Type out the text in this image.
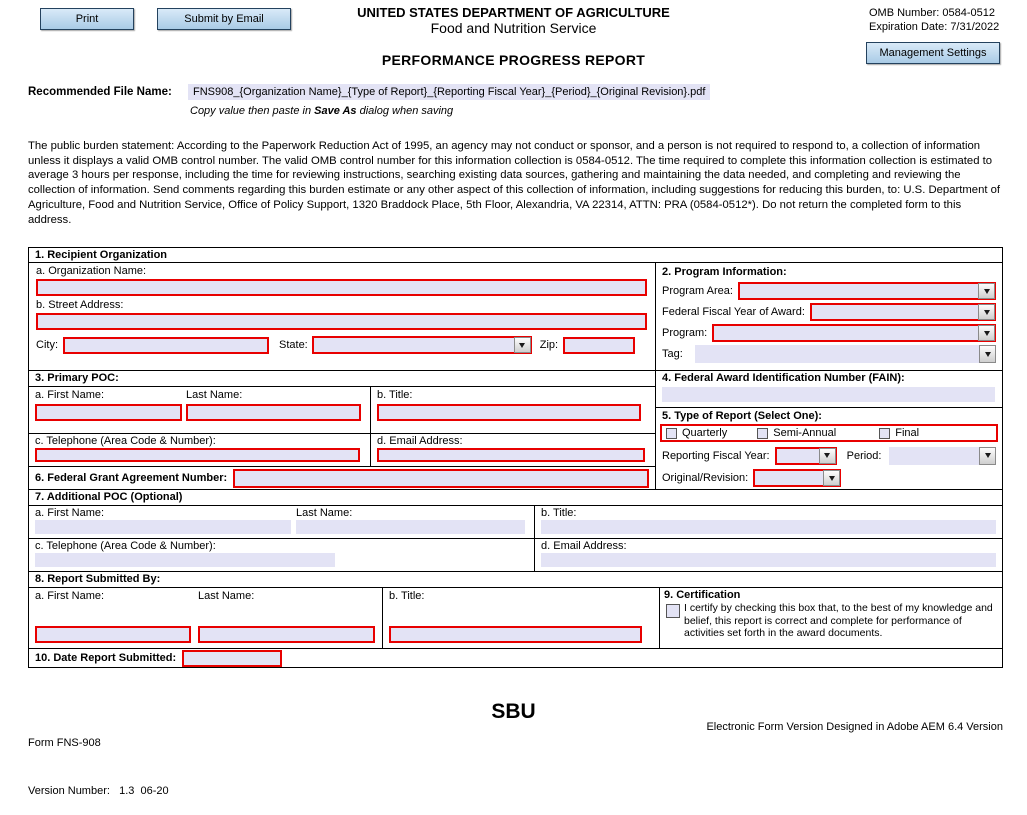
Print	Submit by Email
Management Settings
UNITED STATES DEPARTMENT OF AGRICULTURE
Food and Nutrition Service
OMB Number: 0584-0512
Expiration Date: 7/31/2022
PERFORMANCE PROGRESS REPORT
Recommended File Name:	FNS908_{Organization Name}_{Type of Report}_{Reporting Fiscal Year}_{Period}_{Original Revision}.pdf
Copy value then paste in Save As dialog when saving
The public burden statement: According to the Paperwork Reduction Act of 1995, an agency may not conduct or sponsor, and a person is not required to respond to, a collection of information unless it displays a valid OMB control number. The valid OMB control number for this information collection is 0584-0512. The time required to complete this information collection is estimated to average 3 hours per response, including the time for reviewing instructions, searching existing data sources, gathering and maintaining the data needed, and completing and reviewing the collection of information. Send comments regarding this burden estimate or any other aspect of this collection of information, including suggestions for reducing this burden, to: U.S. Department of Agriculture, Food and Nutrition Service, Office of Policy Support, 1320 Braddock Place, 5th Floor, Alexandria, VA 22314, ATTN: PRA (0584-0512*). Do not return the completed form to this address.
1. Recipient Organization
a. Organization Name:
b. Street Address:
City:	State:	Zip:
2. Program Information:
Program Area:
Federal Fiscal Year of Award:
Program:
Tag:
3. Primary POC:
a. First Name:	Last Name:	b. Title:
c. Telephone (Area Code & Number):	d. Email Address:
6. Federal Grant Agreement Number:
4. Federal Award Identification Number (FAIN):
5. Type of Report (Select One):
Quarterly	Semi-Annual	Final
Reporting Fiscal Year:	Period:
Original/Revision:
7. Additional POC (Optional)
a. First Name:	Last Name:	b. Title:
c. Telephone (Area Code & Number):	d. Email Address:
8. Report Submitted By:
a. First Name:	Last Name:	b. Title:	9. Certification
I certify by checking this box that, to the best of my knowledge and belief, this report is correct and complete for performance of activities set forth in the award documents.
10. Date Report Submitted:

Form FNS-908

Version Number:   1.3  06-20

SBU
Electronic Form Version Designed in Adobe AEM 6.4 Version
